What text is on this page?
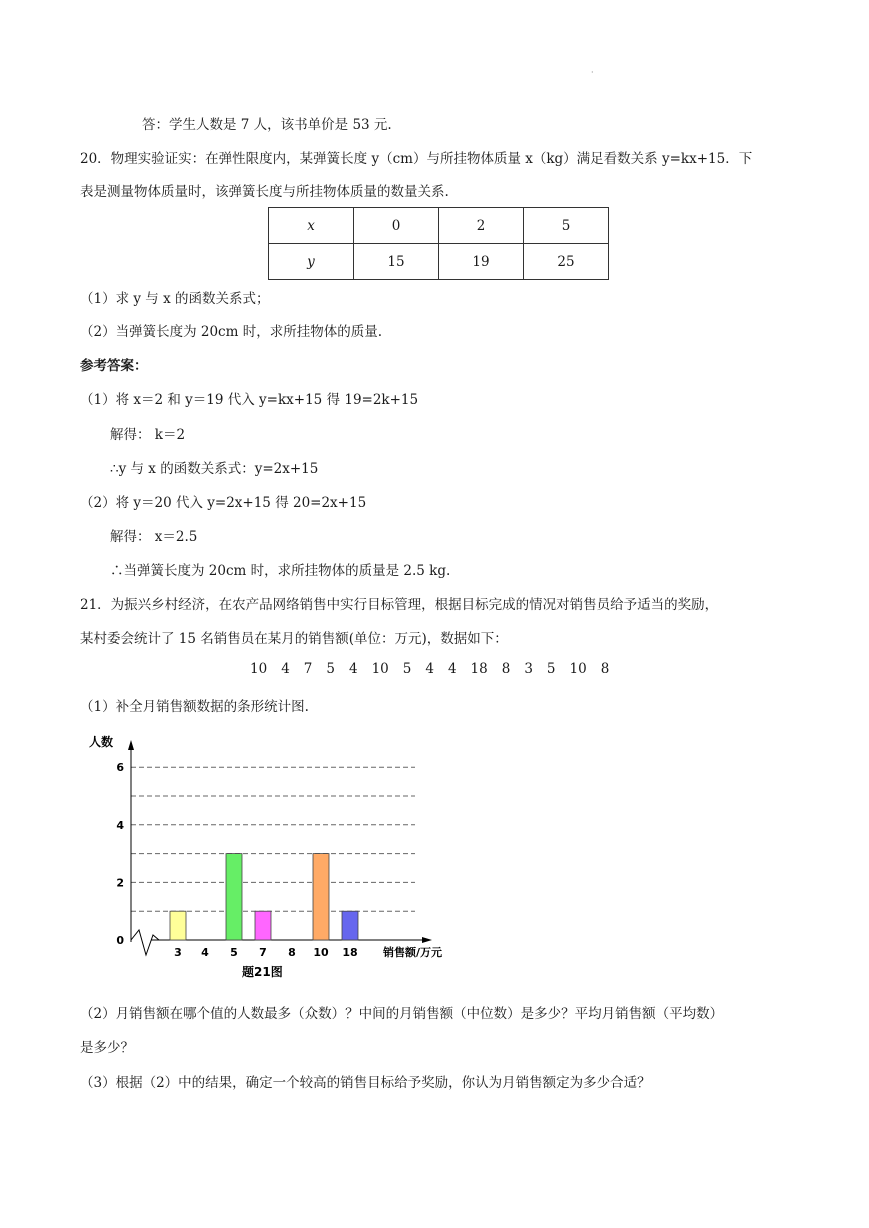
·
答：学生人数是 7 人，该书单价是 53 元.
20．物理实验证实：在弹性限度内，某弹簧长度 y（cm）与所挂物体质量 x（kg）满足看数关系 y=kx+15．下
表是测量物体质量时，该弹簧长度与所挂物体质量的数量关系.
x	0	2	5
y	15	19	25
（1）求 y 与 x 的函数关系式；
（2）当弹簧长度为 20cm 时，求所挂物体的质量.
参考答案：
（1）将 x＝2 和 y＝19 代入 y=kx+15 得 19=2k+15
解得： k＝2
∴y 与 x 的函数关系式：y=2x+15
（2）将 y＝20 代入 y=2x+15 得 20=2x+15
解得： x＝2.5
∴当弹簧长度为 20cm 时，求所挂物体的质量是 2.5 kg.
21．为振兴乡村经济，在农产品网络销售中实行目标管理，根据目标完成的情况对销售员给予适当的奖励，
某村委会统计了 15 名销售员在某月的销售额(单位：万元)，数据如下：
10 4 7 5 4 10 5 4 4 18 8 3 5 10 8
（1）补全月销售额数据的条形统计图.
0
2
4
6
人数
3 4 5 7 8 10 18 销售额/万元
题21图
（2）月销售额在哪个值的人数最多（众数）？中间的月销售额（中位数）是多少？平均月销售额（平均数）
是多少？
（3）根据（2）中的结果，确定一个较高的销售目标给予奖励，你认为月销售额定为多少合适？
